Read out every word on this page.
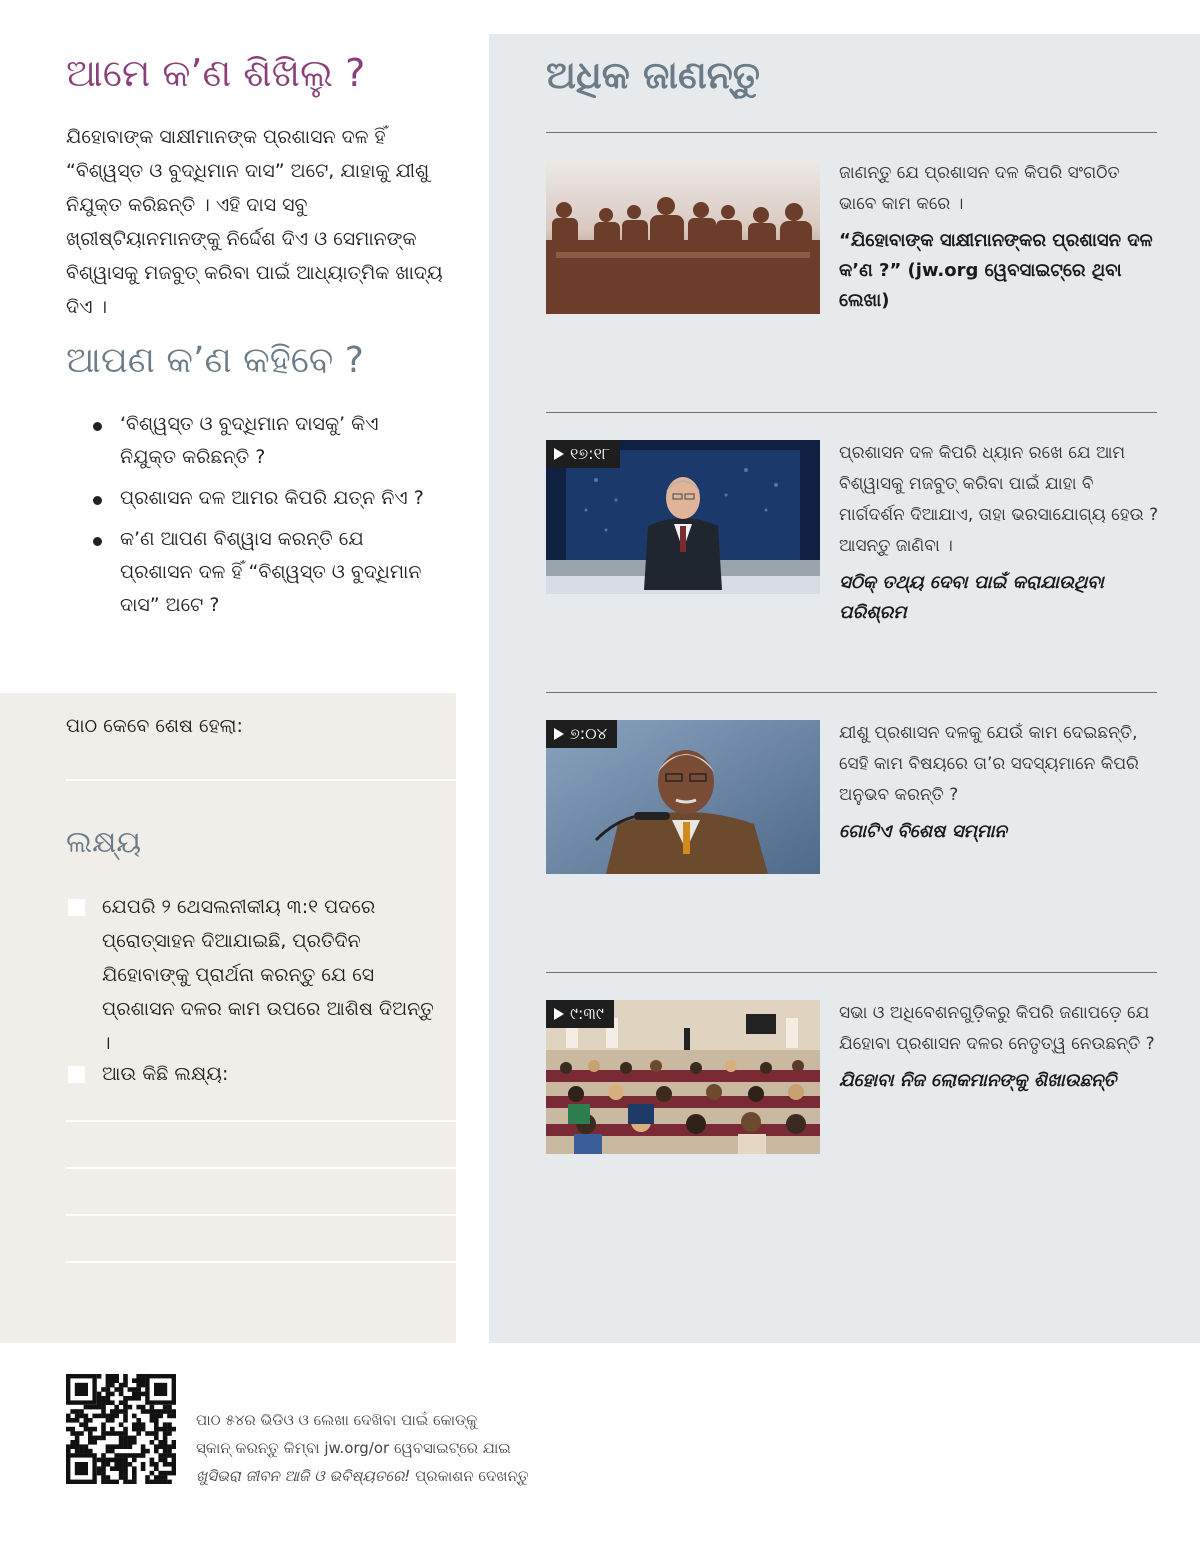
ଆମେ କ’ଣ ଶିଖିଲୁ ?

ଯିହୋବାଙ୍କ ସାକ୍ଷୀମାନଙ୍କ ପ୍ରଶାସନ ଦଳ ହିଁ “ବିଶ୍ୱସ୍ତ ଓ ବୁଦ୍ଧିମାନ ଦାସ” ଅଟେ, ଯାହାକୁ ଯୀଶୁ ନିଯୁକ୍ତ କରିଛନ୍ତି । ଏହି ଦାସ ସବୁ ଖ୍ରୀଷ୍ଟିୟାନମାନଙ୍କୁ ନିର୍ଦ୍ଦେଶ ଦିଏ ଓ ସେମାନଙ୍କ ବିଶ୍ୱାସକୁ ମଜବୁତ୍‌ କରିବା ପାଇଁ ଆଧ୍ୟାତ୍ମିକ ଖାଦ୍ୟ ଦିଏ ।

ଆପଣ କ’ଣ କହିବେ ?
‘ବିଶ୍ୱସ୍ତ ଓ ବୁଦ୍ଧିମାନ ଦାସକୁ’ କିଏ ନିଯୁକ୍ତ କରିଛନ୍ତି ?
ପ୍ରଶାସନ ଦଳ ଆମର କିପରି ଯତ୍ନ ନିଏ ?
କ’ଣ ଆପଣ ବିଶ୍ୱାସ କରନ୍ତି ଯେ ପ୍ରଶାସନ ଦଳ ହିଁ “ବିଶ୍ୱସ୍ତ ଓ ବୁଦ୍ଧିମାନ ଦାସ” ଅଟେ ?
ପାଠ କେବେ ଶେଷ ହେଲା:
ଲକ୍ଷ୍ୟ
ଯେପରି ୨ ଥେସଲନୀକୀୟ ୩:୧ ପଦରେ ପ୍ରୋତ୍ସାହନ ଦିଆଯାଇଛି, ପ୍ରତିଦିନ ଯିହୋବାଙ୍କୁ ପ୍ରାର୍ଥନା କରନ୍ତୁ ଯେ ସେ ପ୍ରଶାସନ ଦଳର କାମ ଉପରେ ଆଶିଷ ଦିଅନ୍ତୁ ।
ଆଉ କିଛି ଲକ୍ଷ୍ୟ:
ଅଧିକ ଜାଣନ୍ତୁ

ଜାଣନ୍ତୁ ଯେ ପ୍ରଶାସନ ଦଳ କିପରି ସଂଗଠିତ ଭାବେ କାମ କରେ ।

“ଯିହୋବାଙ୍କ ସାକ୍ଷୀମାନଙ୍କର ପ୍ରଶାସନ ଦଳ କ’ଣ ?” (jw.org ୱେବସାଇଟ୍‌ରେ ଥିବା ଲେଖା)

୧୭:୧୮	ପ୍ରଶାସନ ଦଳ କିପରି ଧ୍ୟାନ ରଖେ ଯେ ଆମ ବିଶ୍ୱାସକୁ ମଜବୁତ୍‌ କରିବା ପାଇଁ ଯାହା ବି ମାର୍ଗଦର୍ଶନ ଦିଆଯାଏ, ତାହା ଭରସାଯୋଗ୍ୟ ହେଉ ? ଆସନ୍ତୁ ଜାଣିବା ।

ସଠିକ୍‌ ତଥ୍ୟ ଦେବା ପାଇଁ କରାଯାଉଥିବା ପରିଶ୍ରମ

୭:୦୪	ଯୀଶୁ ପ୍ରଶାସନ ଦଳକୁ ଯେଉଁ କାମ ଦେଇଛନ୍ତି, ସେହି କାମ ବିଷୟରେ ତା’ର ସଦସ୍ୟମାନେ କିପରି ଅନୁଭବ କରନ୍ତି ?

ଗୋଟିଏ ବିଶେଷ ସମ୍ମାନ

୯:୩୯	ସଭା ଓ ଅଧିବେଶନଗୁଡ଼ିକରୁ କିପରି ଜଣାପଡ଼େ ଯେ ଯିହୋବା ପ୍ରଶାସନ ଦଳର ନେତୃତ୍ୱ ନେଉଛନ୍ତି ?

ଯିହୋବା ନିଜ ଲୋକମାନଙ୍କୁ ଶିଖାଉଛନ୍ତି

ପାଠ ୫୪ର ଭିଡିଓ ଓ ଲେଖା ଦେଖିବା ପାଇଁ କୋଡ୍‌କୁ
ସ୍କାନ୍‌ କରନ୍ତୁ କିମ୍ବା jw.org/or ୱେବସାଇଟ୍‌ରେ ଯାଇ
ଖୁସିଭରା ଜୀବନ ଆଜି ଓ ଭବିଷ୍ୟତରେ! ପ୍ରକାଶନ ଦେଖନ୍ତୁ
